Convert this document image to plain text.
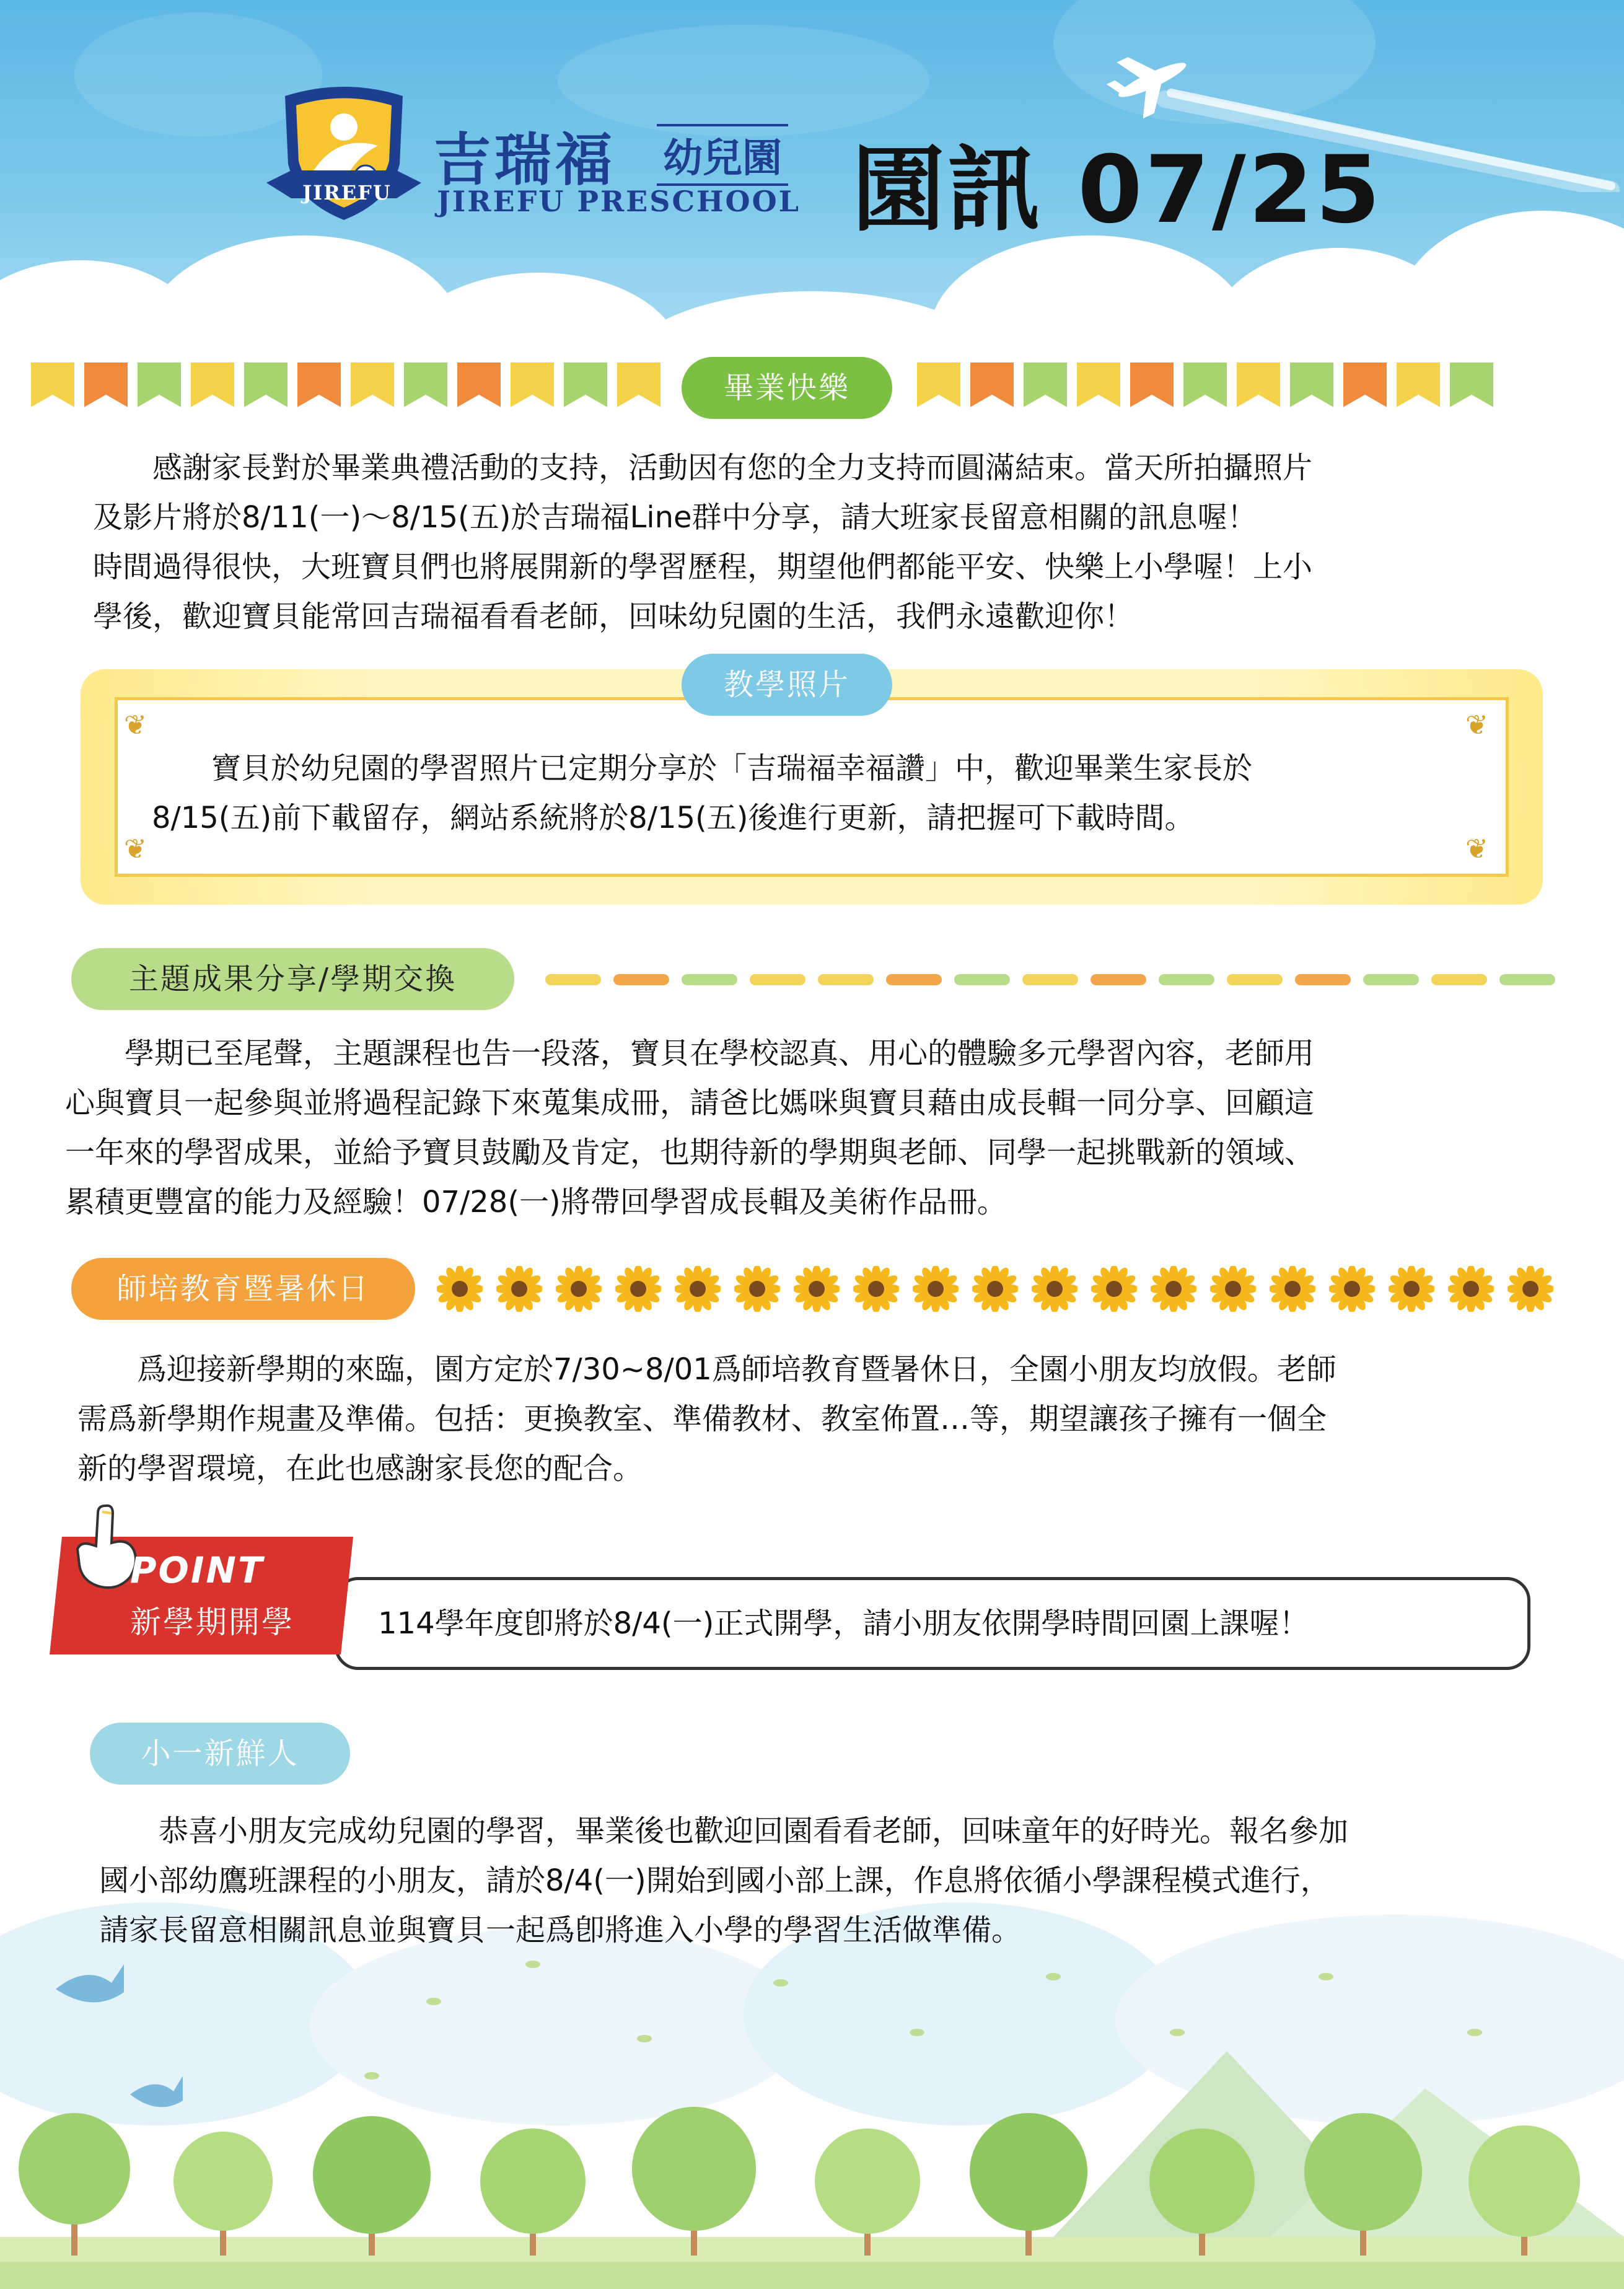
JIREFU 吉瑞福 幼兒園
JIREFU PRESCHOOL 園訊 07/25
畢業快樂

　　感謝家長對於畢業典禮活動的支持，活動因有您的全力支持而圓滿結束。當天所拍攝照片

及影片將於8/11(一)～8/15(五)於吉瑞福Line群中分享，請大班家長留意相關的訊息喔！

時間過得很快，大班寶貝們也將展開新的學習歷程，期望他們都能平安、快樂上小學喔！上小

學後，歡迎寶貝能常回吉瑞福看看老師，回味幼兒園的生活，我們永遠歡迎你！

❦	❦
❦	❦
教學照片

　　寶貝於幼兒園的學習照片已定期分享於「吉瑞福幸福讚」中，歡迎畢業生家長於

8/15(五)前下載留存，網站系統將於8/15(五)後進行更新，請把握可下載時間。

主題成果分享/學期交換

　　學期已至尾聲，主題課程也告一段落，寶貝在學校認真、用心的體驗多元學習內容，老師用

心與寶貝一起參與並將過程記錄下來蒐集成冊，請爸比媽咪與寶貝藉由成長輯一同分享、回顧這

一年來的學習成果，並給予寶貝鼓勵及肯定，也期待新的學期與老師、同學一起挑戰新的領域、

累積更豐富的能力及經驗！07/28(一)將帶回學習成長輯及美術作品冊。

師培教育暨暑休日

　　爲迎接新學期的來臨，園方定於7/30~8/01爲師培教育暨暑休日，全園小朋友均放假。老師

需爲新學期作規畫及準備。包括：更換教室、準備教材、教室佈置…等，期望讓孩子擁有一個全

新的學習環境，在此也感謝家長您的配合。

POINT
新學期開學	114學年度卽將於8/4(一)正式開學，請小朋友依開學時間回園上課喔！
小一新鮮人

　　恭喜小朋友完成幼兒園的學習，畢業後也歡迎回園看看老師，回味童年的好時光。報名參加

國小部幼鷹班課程的小朋友，請於8/4(一)開始到國小部上課，作息將依循小學課程模式進行，

請家長留意相關訊息並與寶貝一起爲卽將進入小學的學習生活做準備。
